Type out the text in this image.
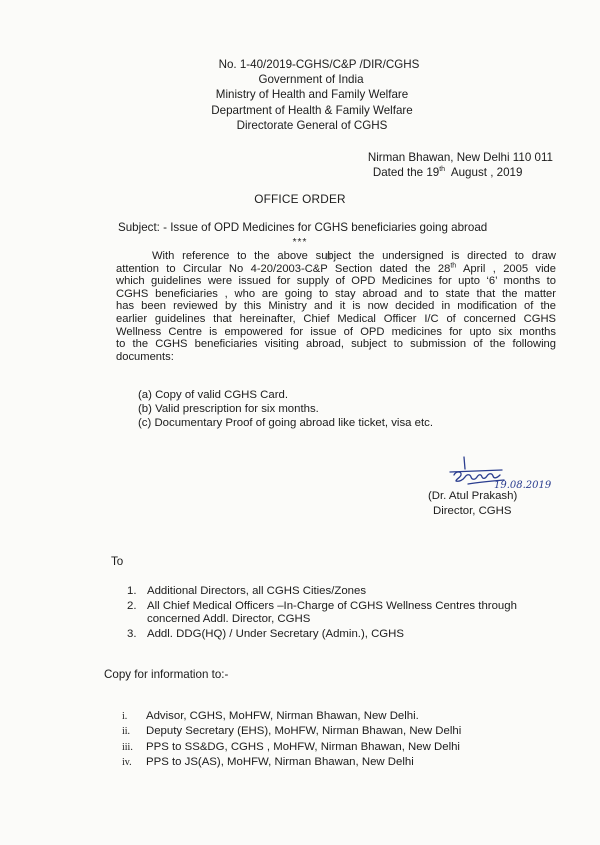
No. 1-40/2019-CGHS/C&P /DIR/CGHS
Government of India
Ministry of Health and Family Welfare
Department of Health & Family Welfare
Directorate General of CGHS
Nirman Bhawan, New Delhi 110 011
Dated the 19th  August , 2019
OFFICE ORDER
Subject: - Issue of OPD Medicines for CGHS beneficiaries going abroad
***
With reference to the above subject the undersigned is directed to draw
attention to Circular No 4-20/2003-C&P Section dated the 28th April , 2005 vide
which guidelines were issued for supply of OPD Medicines for upto ‘6’ months to
CGHS beneficiaries , who are going to stay abroad and to state that the matter
has been reviewed by this Ministry and it is now decided in modification of the
earlier guidelines that hereinafter, Chief Medical Officer I/C of concerned CGHS
Wellness Centre is empowered for issue of OPD medicines for upto six months
to the CGHS beneficiaries visiting abroad, subject to submission of the following
documents:
(a) Copy of valid CGHS Card.
(b) Valid prescription for six months.
(c) Documentary Proof of going abroad like ticket, visa etc.
19.08.2019
(Dr. Atul Prakash)
Director, CGHS
To
1. Additional Directors, all CGHS Cities/Zones
2. All Chief Medical Officers –In-Charge of CGHS Wellness Centres through
concerned Addl. Director, CGHS
3. Addl. DDG(HQ) / Under Secretary (Admin.), CGHS
Copy for information to:-
i. Advisor, CGHS, MoHFW, Nirman Bhawan, New Delhi.
ii. Deputy Secretary (EHS), MoHFW, Nirman Bhawan, New Delhi
iii. PPS to SS&DG, CGHS , MoHFW, Nirman Bhawan, New Delhi
iv. PPS to JS(AS), MoHFW, Nirman Bhawan, New Delhi
